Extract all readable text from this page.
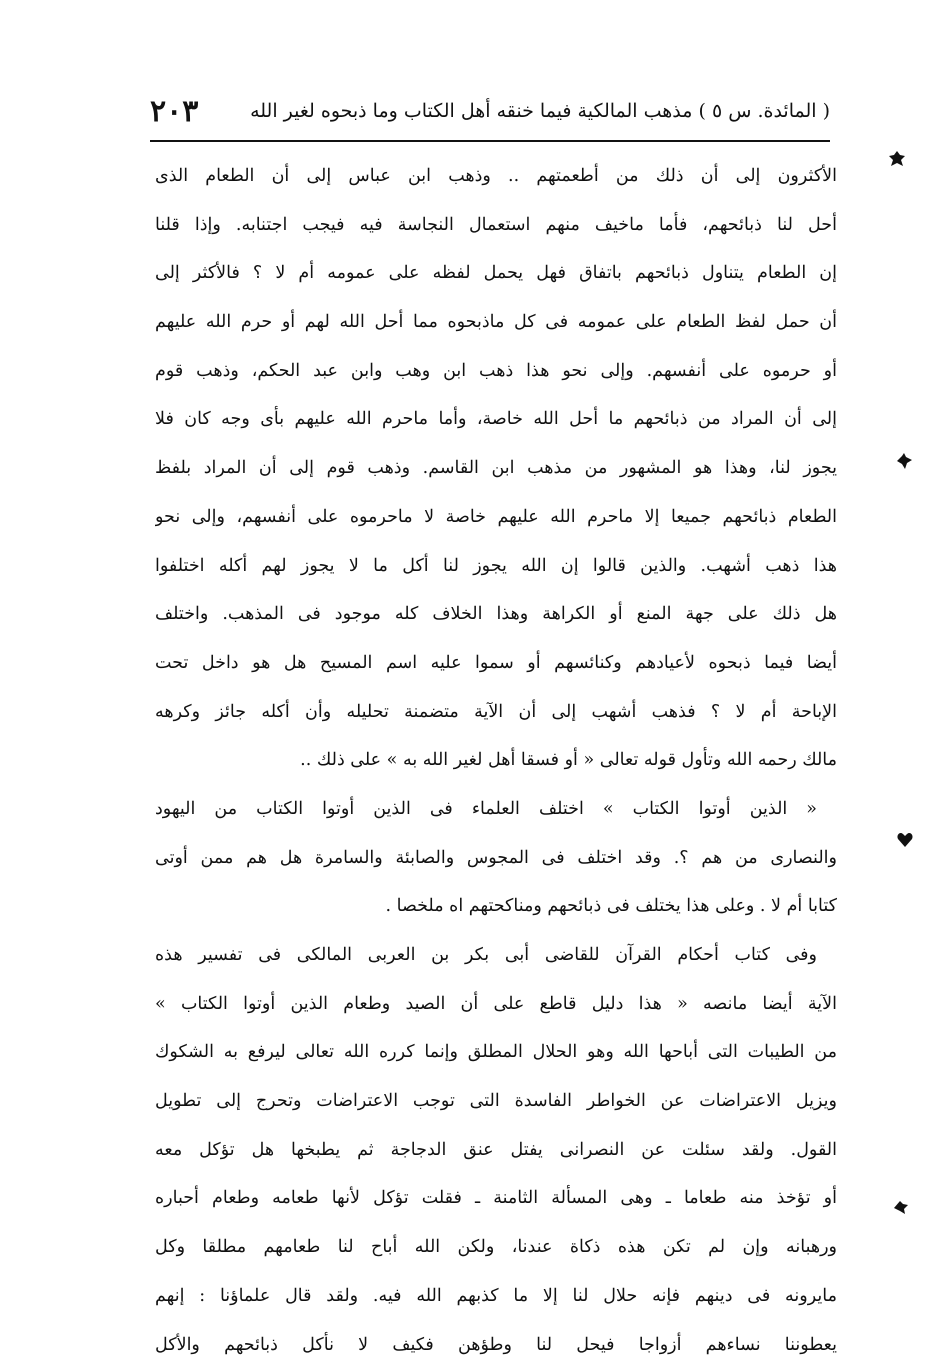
( المائدة. س ٥ ) مذهب المالكية فيما خنقه أهل الكتاب وما ذبحوه لغير الله
٢٠٣
الأكثرون إلى أن ذلك من أطعمتهم .. وذهب ابن عباس إلى أن الطعام الذى
أحل لنا ذبائحهم، فأما ماخيف منهم استعمال النجاسة فيه فيجب اجتنابه. وإذا قلنا
إن الطعام يتناول ذبائحهم باتفاق فهل يحمل لفظه على عمومه أم لا ؟ فالأكثر إلى
أن حمل لفظ الطعام على عمومه فى كل ماذبحوه مما أحل الله لهم أو حرم الله عليهم
أو حرموه على أنفسهم. وإلى نحو هذا ذهب ابن وهب وابن عبد الحكم، وذهب قوم
إلى أن المراد من ذبائحهم ما أحل الله خاصة، وأما ماحرم الله عليهم بأى وجه كان فلا
يجوز لنا، وهذا هو المشهور من مذهب ابن القاسم. وذهب قوم إلى أن المراد بلفظ
الطعام ذبائحهم جميعا إلا ماحرم الله عليهم خاصة لا ماحرموه على أنفسهم، وإلى نحو
هذا ذهب أشهب. والذين قالوا إن الله يجوز لنا أكل ما لا يجوز لهم أكله اختلفوا
هل ذلك على جهة المنع أو الكراهة وهذا الخلاف كله موجود فى المذهب. واختلف
أيضا فيما ذبحوه لأعيادهم وكنائسهم أو سموا عليه اسم المسيح هل هو داخل تحت
الإباحة أم لا ؟ فذهب أشهب إلى أن الآية متضمنة تحليله وأن أكله جائز وكرهه
مالك رحمه الله وتأول قوله تعالى « أو فسقا أهل لغير الله به » على ذلك ..
« الذين أوتوا الكتاب » اختلف العلماء فى الذين أوتوا الكتاب من اليهود
والنصارى من هم ؟. وقد اختلف فى المجوس والصابئة والسامرة هل هم ممن أوتى
كتابا أم لا . وعلى هذا يختلف فى ذبائحهم ومناكحتهم اه ملخصا .
وفى كتاب أحكام القرآن للقاضى أبى بكر بن العربى المالكى فى تفسير هذه
الآية أيضا مانصه « هذا دليل قاطع على أن الصيد وطعام الذين أوتوا الكتاب »
من الطيبات التى أباحها الله وهو الحلال المطلق وإنما كرره الله تعالى ليرفع به الشكوك
ويزيل الاعتراضات عن الخواطر الفاسدة التى توجب الاعتراضات وتحرج إلى تطويل
القول. ولقد سئلت عن النصرانى يفتل عنق الدجاجة ثم يطبخها هل تؤكل معه
أو تؤخذ منه طعاما ـ وهى المسألة الثامنة ـ فقلت تؤكل لأنها طعامه وطعام أحباره
ورهبانه وإن لم تكن هذه ذكاة عندنا، ولكن الله أباح لنا طعامهم مطلقا وكل
مايرونه فى دينهم فإنه حلال لنا إلا ما كذبهم الله فيه. ولقد قال علماؤنا : إنهم
يعطوننا نساءهم أزواجا فيحل لنا وطؤهن فكيف لا نأكل ذبائحهم والأكل
